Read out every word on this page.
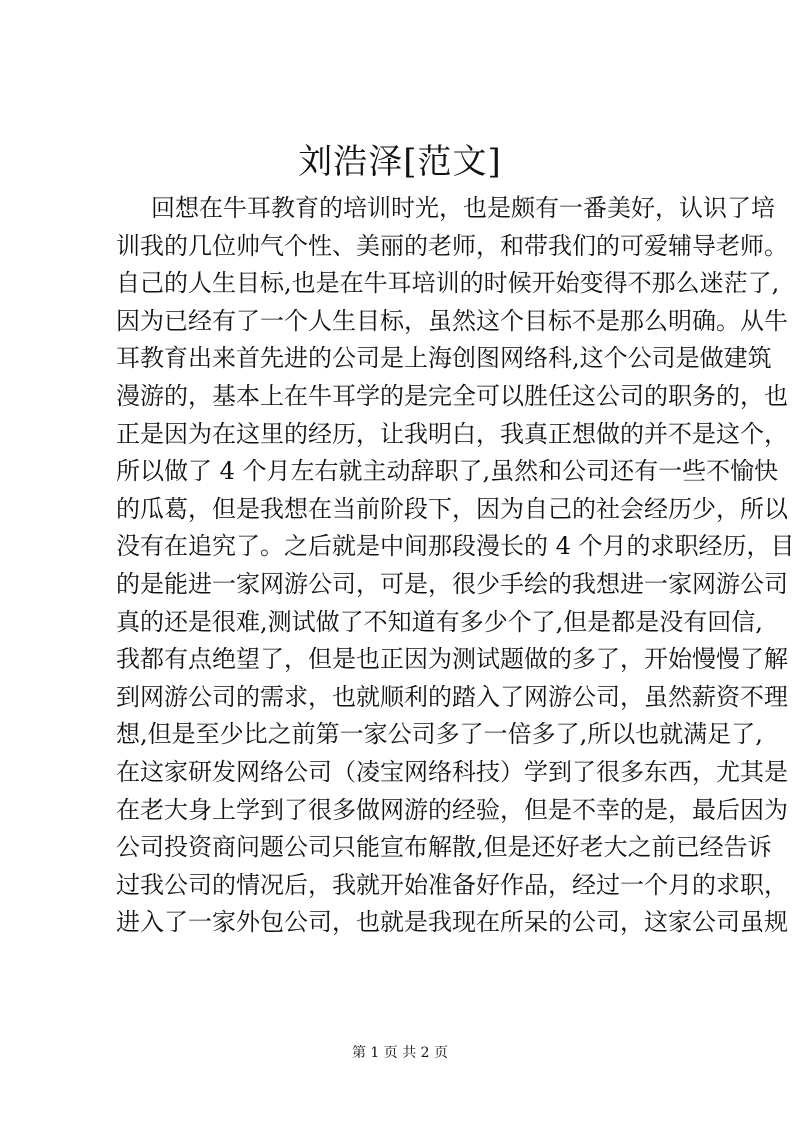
刘浩泽[范文]
回想在牛耳教育的培训时光，也是颇有一番美好，认识了培
训我的几位帅气个性、美丽的老师，和带我们的可爱辅导老师。
自己的人生目标,也是在牛耳培训的时候开始变得不那么迷茫了,
因为已经有了一个人生目标，虽然这个目标不是那么明确。从牛
耳教育出来首先进的公司是上海创图网络科,这个公司是做建筑
漫游的，基本上在牛耳学的是完全可以胜任这公司的职务的，也
正是因为在这里的经历，让我明白，我真正想做的并不是这个，
所以做了 4 个月左右就主动辞职了,虽然和公司还有一些不愉快
的瓜葛，但是我想在当前阶段下，因为自己的社会经历少，所以
没有在追究了。之后就是中间那段漫长的 4 个月的求职经历，目
的是能进一家网游公司，可是，很少手绘的我想进一家网游公司
真的还是很难,测试做了不知道有多少个了,但是都是没有回信,
我都有点绝望了，但是也正因为测试题做的多了，开始慢慢了解
到网游公司的需求，也就顺利的踏入了网游公司，虽然薪资不理
想,但是至少比之前第一家公司多了一倍多了,所以也就满足了,
在这家研发网络公司（凌宝网络科技）学到了很多东西，尤其是
在老大身上学到了很多做网游的经验，但是不幸的是，最后因为
公司投资商问题公司只能宣布解散,但是还好老大之前已经告诉
过我公司的情况后，我就开始准备好作品，经过一个月的求职，
进入了一家外包公司，也就是我现在所呆的公司，这家公司虽规
第 1 页 共 2 页
